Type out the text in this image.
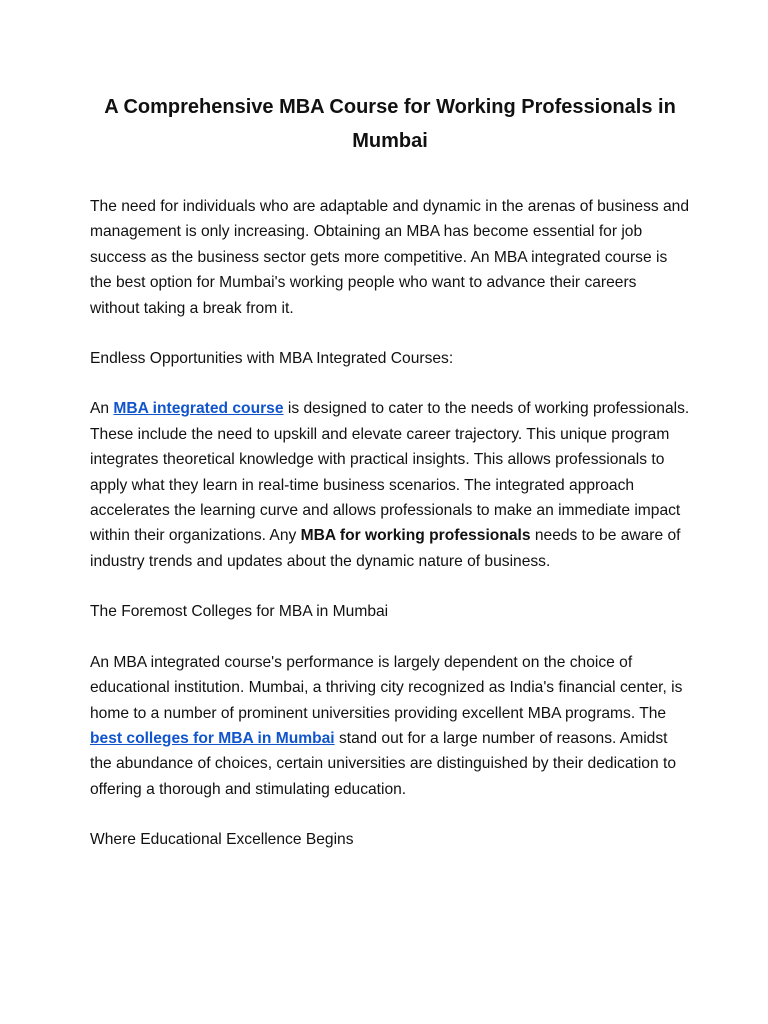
A Comprehensive MBA Course for Working Professionals in Mumbai

The need for individuals who are adaptable and dynamic in the arenas of business and management is only increasing. Obtaining an MBA has become essential for job success as the business sector gets more competitive. An MBA integrated course is the best option for Mumbai's working people who want to advance their careers without taking a break from it.

Endless Opportunities with MBA Integrated Courses:

An MBA integrated course is designed to cater to the needs of working professionals. These include the need to upskill and elevate career trajectory. This unique program integrates theoretical knowledge with practical insights. This allows professionals to apply what they learn in real-time business scenarios. The integrated approach accelerates the learning curve and allows professionals to make an immediate impact within their organizations. Any MBA for working professionals needs to be aware of industry trends and updates about the dynamic nature of business.

The Foremost Colleges for MBA in Mumbai

An MBA integrated course's performance is largely dependent on the choice of educational institution. Mumbai, a thriving city recognized as India's financial center, is home to a number of prominent universities providing excellent MBA programs. The best colleges for MBA in Mumbai stand out for a large number of reasons. Amidst the abundance of choices, certain universities are distinguished by their dedication to offering a thorough and stimulating education.

Where Educational Excellence Begins
